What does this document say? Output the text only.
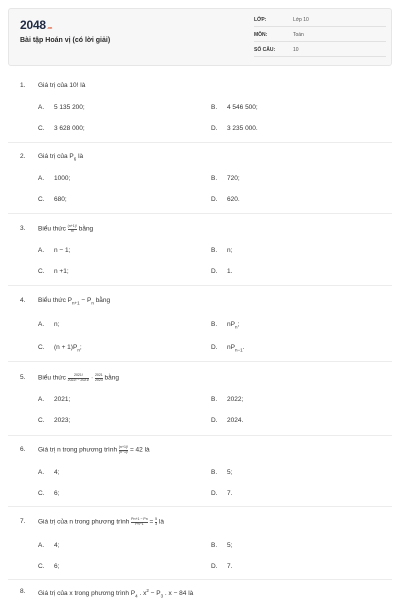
2048.vn
Bài tập Hoán vị (có lời giải)
LỚP:	Lớp 10
MÔN:	Toán
SỐ CÂU:	10
1. Giá trị của 10! là
A. 5 135 200;	B. 4 546 500;
C. 3 628 000;	D. 3 235 000.
2. Giá trị của $P_6$ là
A. 1000;	B. 720;
C. 680;	D. 620.
3. Biểu thức $\frac{(n+1)!}{n!}$ bằng
A. n − 1;	B. n;
C. n +1;	D. 1.
4. Biểu thức $P_{n+1} - P_n$ bằng
A. n;	B. $nP_n$;
C. $(n + 1)P_n$;	D. $nP_{n-1}$.
5. Biểu thức $\frac{2021!}{2022! - 2021!} \cdot \frac{2021}{2023}$ bằng
A. 2021;	B. 2022;
C. 2023;	D. 2024.
6. Giá trị n trong phương trình $\frac{(n+1)!}{(n-1)!} = 42$ là
A. 4;	B. 5;
C. 6;	D. 7.
7. Giá trị của n trong phương trình $\frac{Pn+1 - Pn}{Pn-1} = \frac{5}{3}$ là
A. 4;	B. 5;
C. 6;	D. 7.
8. Giá trị của x trong phương trình $P_4$ . $x^2 - P_3$ . x − 84 là
